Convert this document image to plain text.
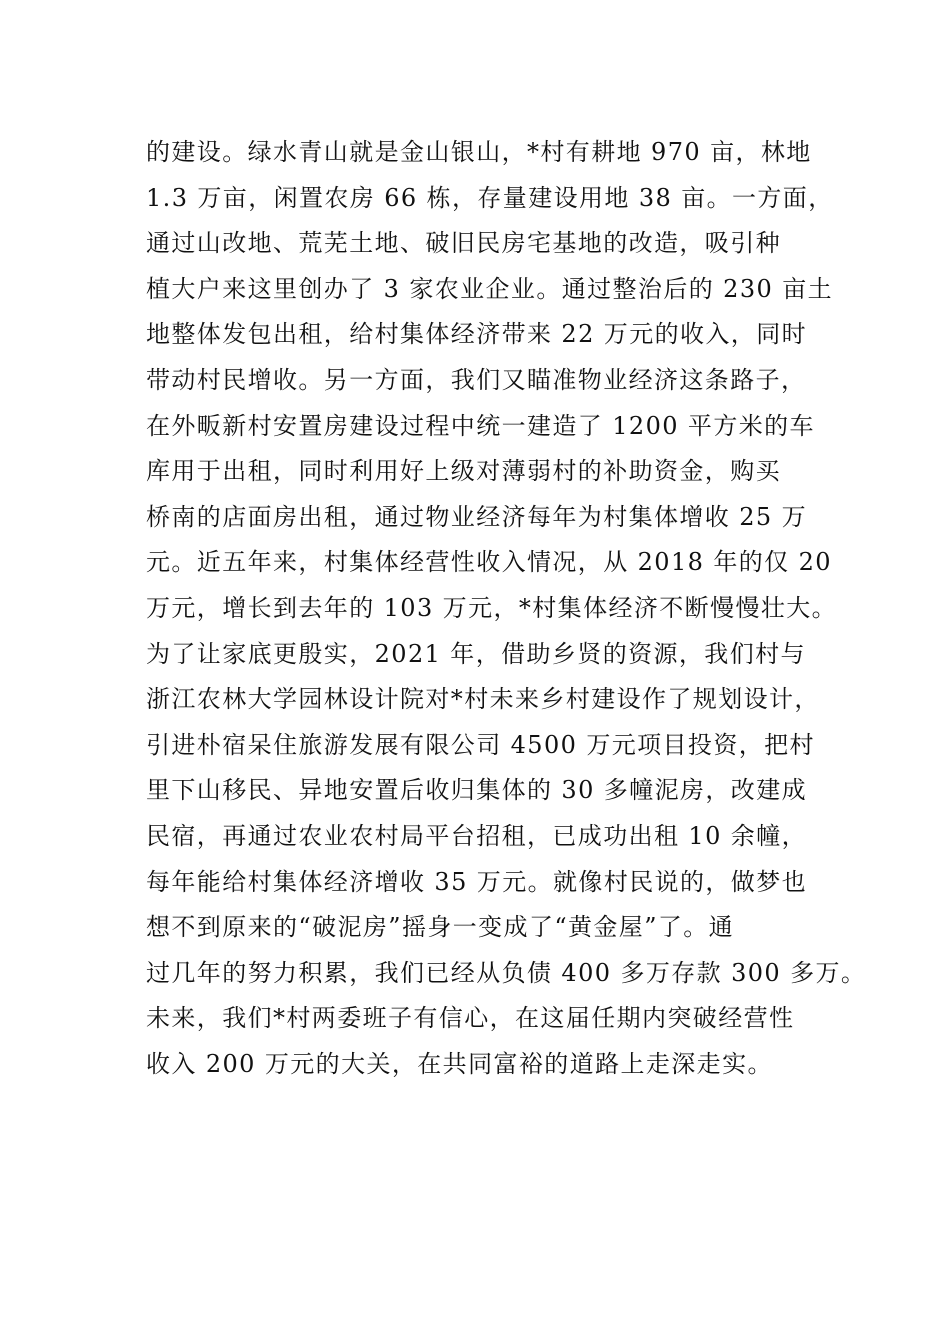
的建设。绿水青山就是金山银山，*村有耕地 970 亩，林地
1.3 万亩，闲置农房 66 栋，存量建设用地 38 亩。一方面，
通过山改地、荒芜土地、破旧民房宅基地的改造，吸引种
植大户来这里创办了 3 家农业企业。通过整治后的 230 亩土
地整体发包出租，给村集体经济带来 22 万元的收入，同时
带动村民增收。另一方面，我们又瞄准物业经济这条路子，
在外畈新村安置房建设过程中统一建造了 1200 平方米的车
库用于出租，同时利用好上级对薄弱村的补助资金，购买
桥南的店面房出租，通过物业经济每年为村集体增收 25 万
元。近五年来，村集体经营性收入情况，从 2018 年的仅 20
万元，增长到去年的 103 万元，*村集体经济不断慢慢壮大。
为了让家底更殷实，2021 年，借助乡贤的资源，我们村与
浙江农林大学园林设计院对*村未来乡村建设作了规划设计，
引进朴宿呆住旅游发展有限公司 4500 万元项目投资，把村
里下山移民、异地安置后收归集体的 30 多幢泥房，改建成
民宿，再通过农业农村局平台招租，已成功出租 10 余幢，
每年能给村集体经济增收 35 万元。就像村民说的，做梦也
想不到原来的“破泥房”摇身一变成了“黄金屋”了。通
过几年的努力积累，我们已经从负债 400 多万存款 300 多万。
未来，我们*村两委班子有信心，在这届任期内突破经营性
收入 200 万元的大关，在共同富裕的道路上走深走实。
